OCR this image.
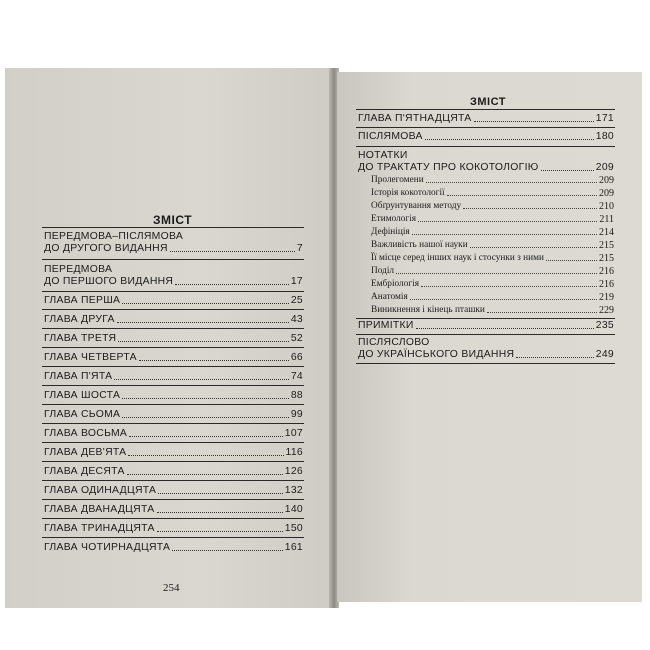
ЗМІСТ
ПЕРЕДМОВА–ПІСЛЯМОВА
ДО ДРУГОГО ВИДАННЯ	7
ПЕРЕДМОВА
ДО ПЕРШОГО ВИДАННЯ	17
ГЛАВА ПЕРША	25
ГЛАВА ДРУГА	43
ГЛАВА ТРЕТЯ	52
ГЛАВА ЧЕТВЕРТА	66
ГЛАВА П'ЯТА	74
ГЛАВА ШОСТА	88
ГЛАВА СЬОМА	99
ГЛАВА ВОСЬМА	107
ГЛАВА ДЕВ'ЯТА	116
ГЛАВА ДЕСЯТА	126
ГЛАВА ОДИНАДЦЯТА	132
ГЛАВА ДВАНАДЦЯТА	140
ГЛАВА ТРИНАДЦЯТА	150
ГЛАВА ЧОТИРНАДЦЯТА	161
254
ЗМІСТ
ГЛАВА П'ЯТНАДЦЯТА	171
ПІСЛЯМОВА	180
НОТАТКИ
ДО ТРАКТАТУ ПРО КОКОТОЛОГІЮ	209
Пролегомени	209
Історія кокотології	209
Обґрунтування методу	210
Етимологія	211
Дефініція	214
Важливість нашої науки	215
Її місце серед інших наук і стосунки з ними	215
Поділ	216
Ембріологія	216
Анатомія	219
Виникнення і кінець пташки	229
ПРИМІТКИ	235
ПІСЛЯСЛОВО
ДО УКРАЇНСЬКОГО ВИДАННЯ	249
